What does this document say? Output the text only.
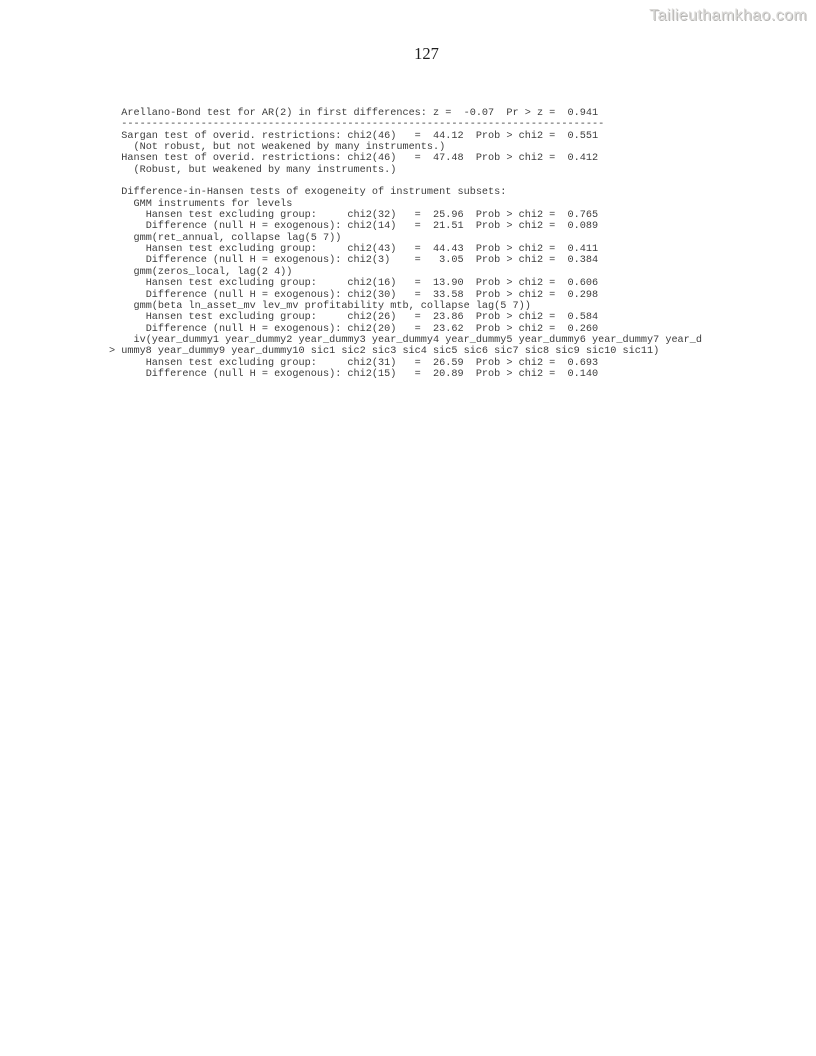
Tailieuthamkhao.com
127
Arellano-Bond test for AR(2) in first differences: z =  -0.07  Pr > z =  0.941
-------------------------------------------------------------------------------
Sargan test of overid. restrictions: chi2(46)   =  44.12  Prob > chi2 =  0.551
(Not robust, but not weakened by many instruments.)
Hansen test of overid. restrictions: chi2(46)   =  47.48  Prob > chi2 =  0.412
(Robust, but weakened by many instruments.)
Difference-in-Hansen tests of exogeneity of instrument subsets:
GMM instruments for levels
Hansen test excluding group:     chi2(32)   =  25.96  Prob > chi2 =  0.765
Difference (null H = exogenous): chi2(14)   =  21.51  Prob > chi2 =  0.089
gmm(ret_annual, collapse lag(5 7))
Hansen test excluding group:     chi2(43)   =  44.43  Prob > chi2 =  0.411
Difference (null H = exogenous): chi2(3)    =   3.05  Prob > chi2 =  0.384
gmm(zeros_local, lag(2 4))
Hansen test excluding group:     chi2(16)   =  13.90  Prob > chi2 =  0.606
Difference (null H = exogenous): chi2(30)   =  33.58  Prob > chi2 =  0.298
gmm(beta ln_asset_mv lev_mv profitability mtb, collapse lag(5 7))
Hansen test excluding group:     chi2(26)   =  23.86  Prob > chi2 =  0.584
Difference (null H = exogenous): chi2(20)   =  23.62  Prob > chi2 =  0.260
iv(year_dummy1 year_dummy2 year_dummy3 year_dummy4 year_dummy5 year_dummy6 year_dummy7 year_d
> ummy8 year_dummy9 year_dummy10 sic1 sic2 sic3 sic4 sic5 sic6 sic7 sic8 sic9 sic10 sic11)
Hansen test excluding group:     chi2(31)   =  26.59  Prob > chi2 =  0.693
Difference (null H = exogenous): chi2(15)   =  20.89  Prob > chi2 =  0.140
